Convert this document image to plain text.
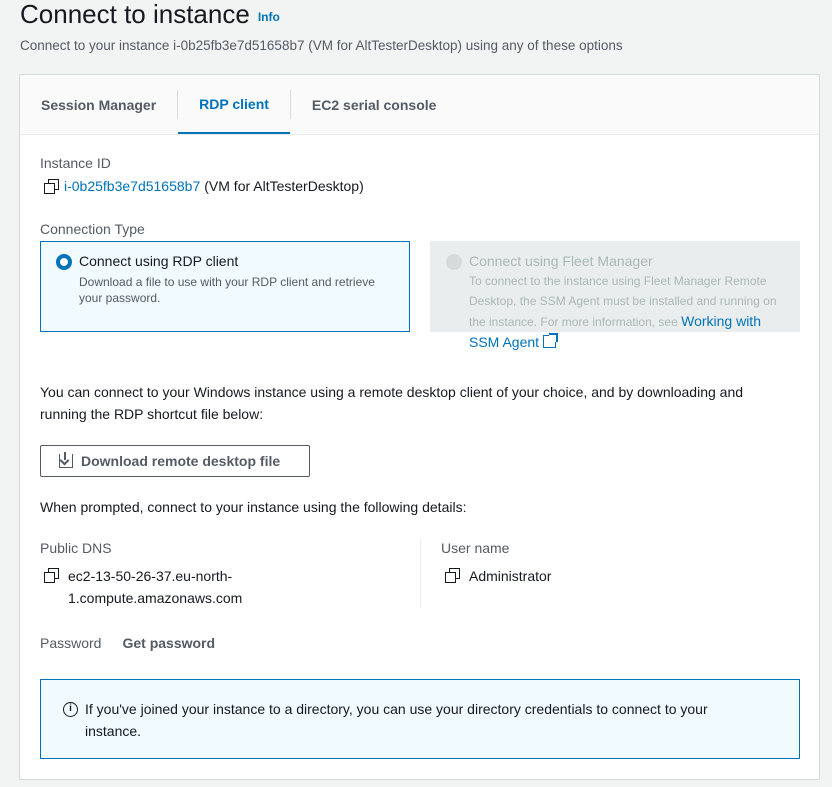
Connect to instance Info
Connect to your instance i-0b25fb3e7d51658b7 (VM for AltTesterDesktop) using any of these options
Session Manager	RDP client	EC2 serial console
Instance ID
i-0b25fb3e7d51658b7 (VM for AltTesterDesktop)
Connection Type
Connect using RDP client
Download a file to use with your RDP client and retrieve your password.
Connect using Fleet Manager
To connect to the instance using Fleet Manager Remote Desktop, the SSM Agent must be installed and running on the instance. For more information, see Working with SSM Agent
You can connect to your Windows instance using a remote desktop client of your choice, and by downloading and running the RDP shortcut file below:
Download remote desktop file
When prompted, connect to your instance using the following details:
Public DNS
ec2-13-50-26-37.eu-north-1.compute.amazonaws.com
User name
Administrator
Password Get password
i If you've joined your instance to a directory, you can use your directory credentials to connect to your instance.
